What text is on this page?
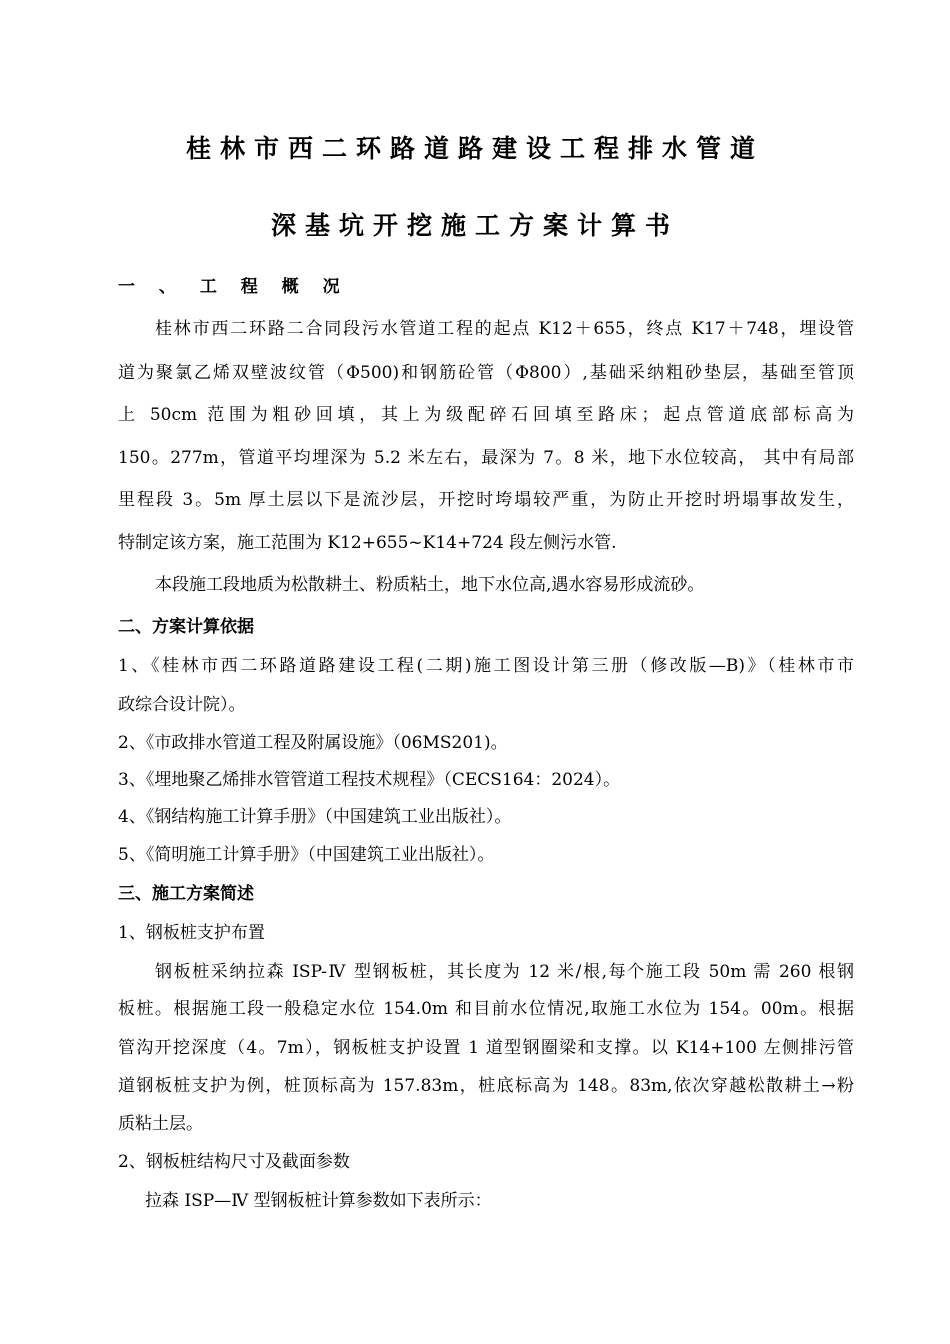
桂林市西二环路道路建设工程排水管道
深基坑开挖施工方案计算书
一 、 工 程 概 况
桂林市西二环路二合同段污水管道工程的起点 K12＋655，终点 K17＋748，埋设管
道为聚氯乙烯双壁波纹管（Φ500)和钢筋砼管（Φ800）,基础采纳粗砂垫层，基础至管顶
上 50cm 范围为粗砂回填，其上为级配碎石回填至路床；起点管道底部标高为
150。277m，管道平均埋深为 5.2 米左右，最深为 7。8 米，地下水位较高， 其中有局部
里程段 3。5m 厚土层以下是流沙层，开挖时垮塌较严重，为防止开挖时坍塌事故发生，
特制定该方案，施工范围为 K12+655~K14+724 段左侧污水管.
本段施工段地质为松散耕土、粉质粘土，地下水位高,遇水容易形成流砂。
二、方案计算依据
1、《桂林市西二环路道路建设工程(二期)施工图设计第三册（修改版—B)》（桂林市市
政综合设计院）。
2、《市政排水管道工程及附属设施》（06MS201)。
3、《埋地聚乙烯排水管管道工程技术规程》（CECS164：2024）。
4、《钢结构施工计算手册》（中国建筑工业出版社）。
5、《简明施工计算手册》（中国建筑工业出版社）。
三、施工方案简述
1、钢板桩支护布置
钢板桩采纳拉森 ISP-Ⅳ 型钢板桩，其长度为 12 米/根,每个施工段 50m 需 260 根钢
板桩。根据施工段一般稳定水位 154.0m 和目前水位情况,取施工水位为 154。00m。根据
管沟开挖深度（4。7m），钢板桩支护设置 1 道型钢圈梁和支撑。以 K14+100 左侧排污管
道钢板桩支护为例，桩顶标高为 157.83m，桩底标高为 148。83m,依次穿越松散耕土→粉
质粘土层。
2、钢板桩结构尺寸及截面参数
拉森 ISP—Ⅳ 型钢板桩计算参数如下表所示：
